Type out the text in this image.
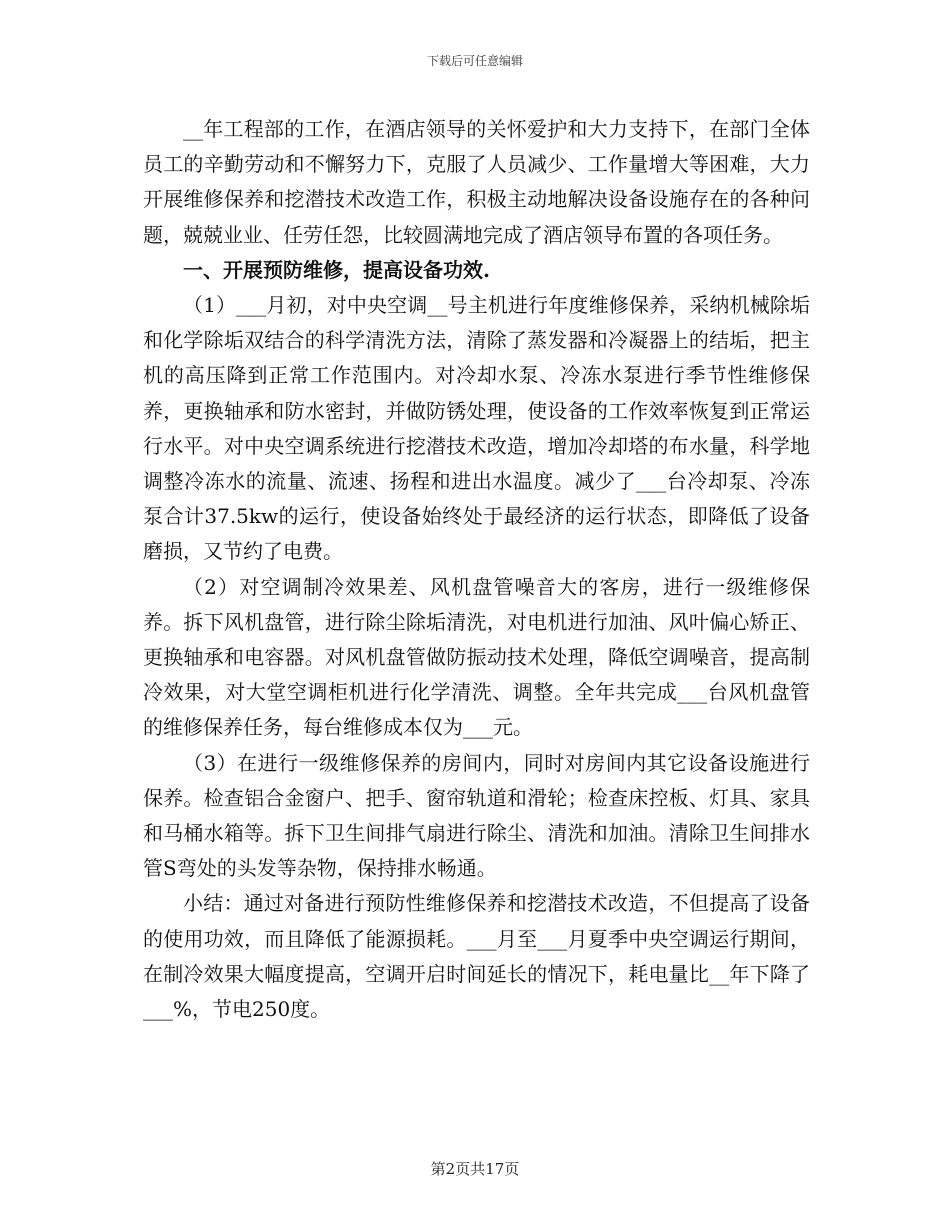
下载后可任意编辑

__年工程部的工作，在酒店领导的关怀爱护和大力支持下，在部门全体员工的辛勤劳动和不懈努力下，克服了人员减少、工作量增大等困难，大力开展维修保养和挖潜技术改造工作，积极主动地解决设备设施存在的各种问题，兢兢业业、任劳任怨，比较圆满地完成了酒店领导布置的各项任务。

一、开展预防维修，提高设备功效.

（1）___月初，对中央空调__号主机进行年度维修保养，采纳机械除垢和化学除垢双结合的科学清洗方法，清除了蒸发器和冷凝器上的结垢，把主机的高压降到正常工作范围内。对冷却水泵、冷冻水泵进行季节性维修保养，更换轴承和防水密封，并做防锈处理，使设备的工作效率恢复到正常运行水平。对中央空调系统进行挖潜技术改造，增加冷却塔的布水量，科学地调整冷冻水的流量、流速、扬程和进出水温度。减少了___台冷却泵、冷冻泵合计37.5kw的运行，使设备始终处于最经济的运行状态，即降低了设备磨损，又节约了电费。

（2）对空调制冷效果差、风机盘管噪音大的客房，进行一级维修保养。拆下风机盘管，进行除尘除垢清洗，对电机进行加油、风叶偏心矫正、更换轴承和电容器。对风机盘管做防振动技术处理，降低空调噪音，提高制冷效果，对大堂空调柜机进行化学清洗、调整。全年共完成___台风机盘管的维修保养任务，每台维修成本仅为___元。

（3）在进行一级维修保养的房间内，同时对房间内其它设备设施进行保养。检查铝合金窗户、把手、窗帘轨道和滑轮；检查床控板、灯具、家具和马桶水箱等。拆下卫生间排气扇进行除尘、清洗和加油。清除卫生间排水管S弯处的头发等杂物，保持排水畅通。

小结：通过对备进行预防性维修保养和挖潜技术改造，不但提高了设备的使用功效，而且降低了能源损耗。___月至___月夏季中央空调运行期间，在制冷效果大幅度提高，空调开启时间延长的情况下，耗电量比__年下降了___%，节电250度。

第2页共17页
